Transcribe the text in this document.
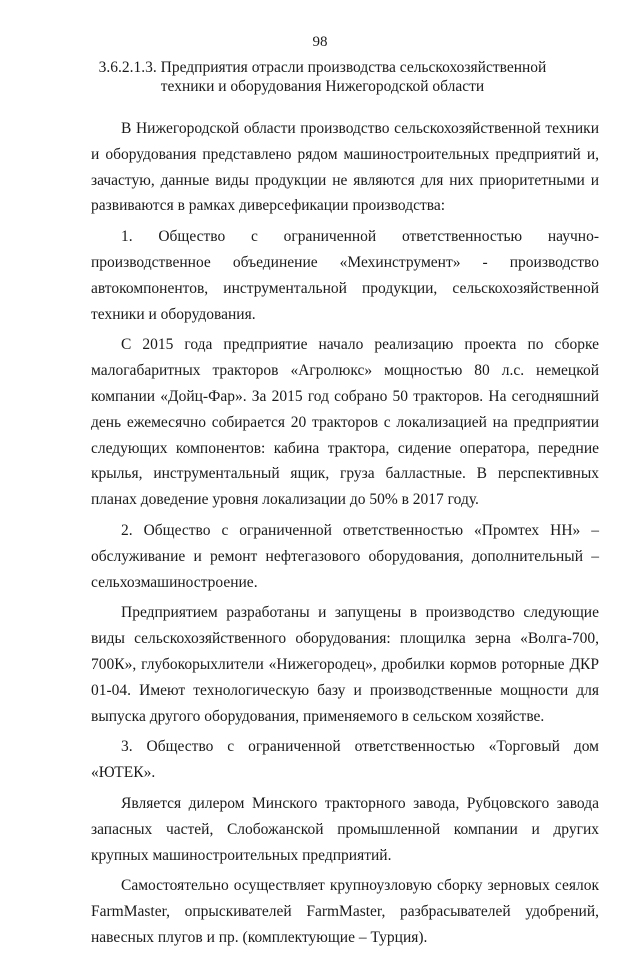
98
3.6.2.1.3. Предприятия отрасли производства сельскохозяйственной техники и оборудования Нижегородской области

В Нижегородской области производство сельскохозяйственной техники и оборудования представлено рядом машиностроительных предприятий и, зачастую, данные виды продукции не являются для них приоритетными и развиваются в рамках диверсефикации производства:

1. Общество с ограниченной ответственностью научно-производственное объединение «Мехинструмент» - производство автокомпонентов, инструментальной продукции, сельскохозяйственной техники и оборудования.

С 2015 года предприятие начало реализацию проекта по сборке малогабаритных тракторов «Агролюкс» мощностью 80 л.с. немецкой компании «Дойц-Фар». За 2015 год собрано 50 тракторов. На сегодняшний день ежемесячно собирается 20 тракторов с локализацией на предприятии следующих компонентов: кабина трактора, сидение оператора, передние крылья, инструментальный ящик, груза балластные. В перспективных планах доведение уровня локализации до 50% в 2017 году.

2. Общество с ограниченной ответственностью «Промтех НН» – обслуживание и ремонт нефтегазового оборудования, дополнительный – сельхозмашиностроение.

Предприятием разработаны и запущены в производство следующие виды сельскохозяйственного оборудования: площилка зерна «Волга-700, 700К», глубокорыхлители «Нижегородец», дробилки кормов роторные ДКР 01-04. Имеют технологическую базу и производственные мощности для выпуска другого оборудования, применяемого в сельском хозяйстве.

3. Общество с ограниченной ответственностью «Торговый дом «ЮТЕК».

Является дилером Минского тракторного завода, Рубцовского завода запасных частей, Слобожанской промышленной компании и других крупных машиностроительных предприятий.

Самостоятельно осуществляет крупноузловую сборку зерновых сеялок FarmMaster, опрыскивателей FarmMaster, разбрасывателей удобрений, навесных плугов и пр. (комплектующие – Турция).
